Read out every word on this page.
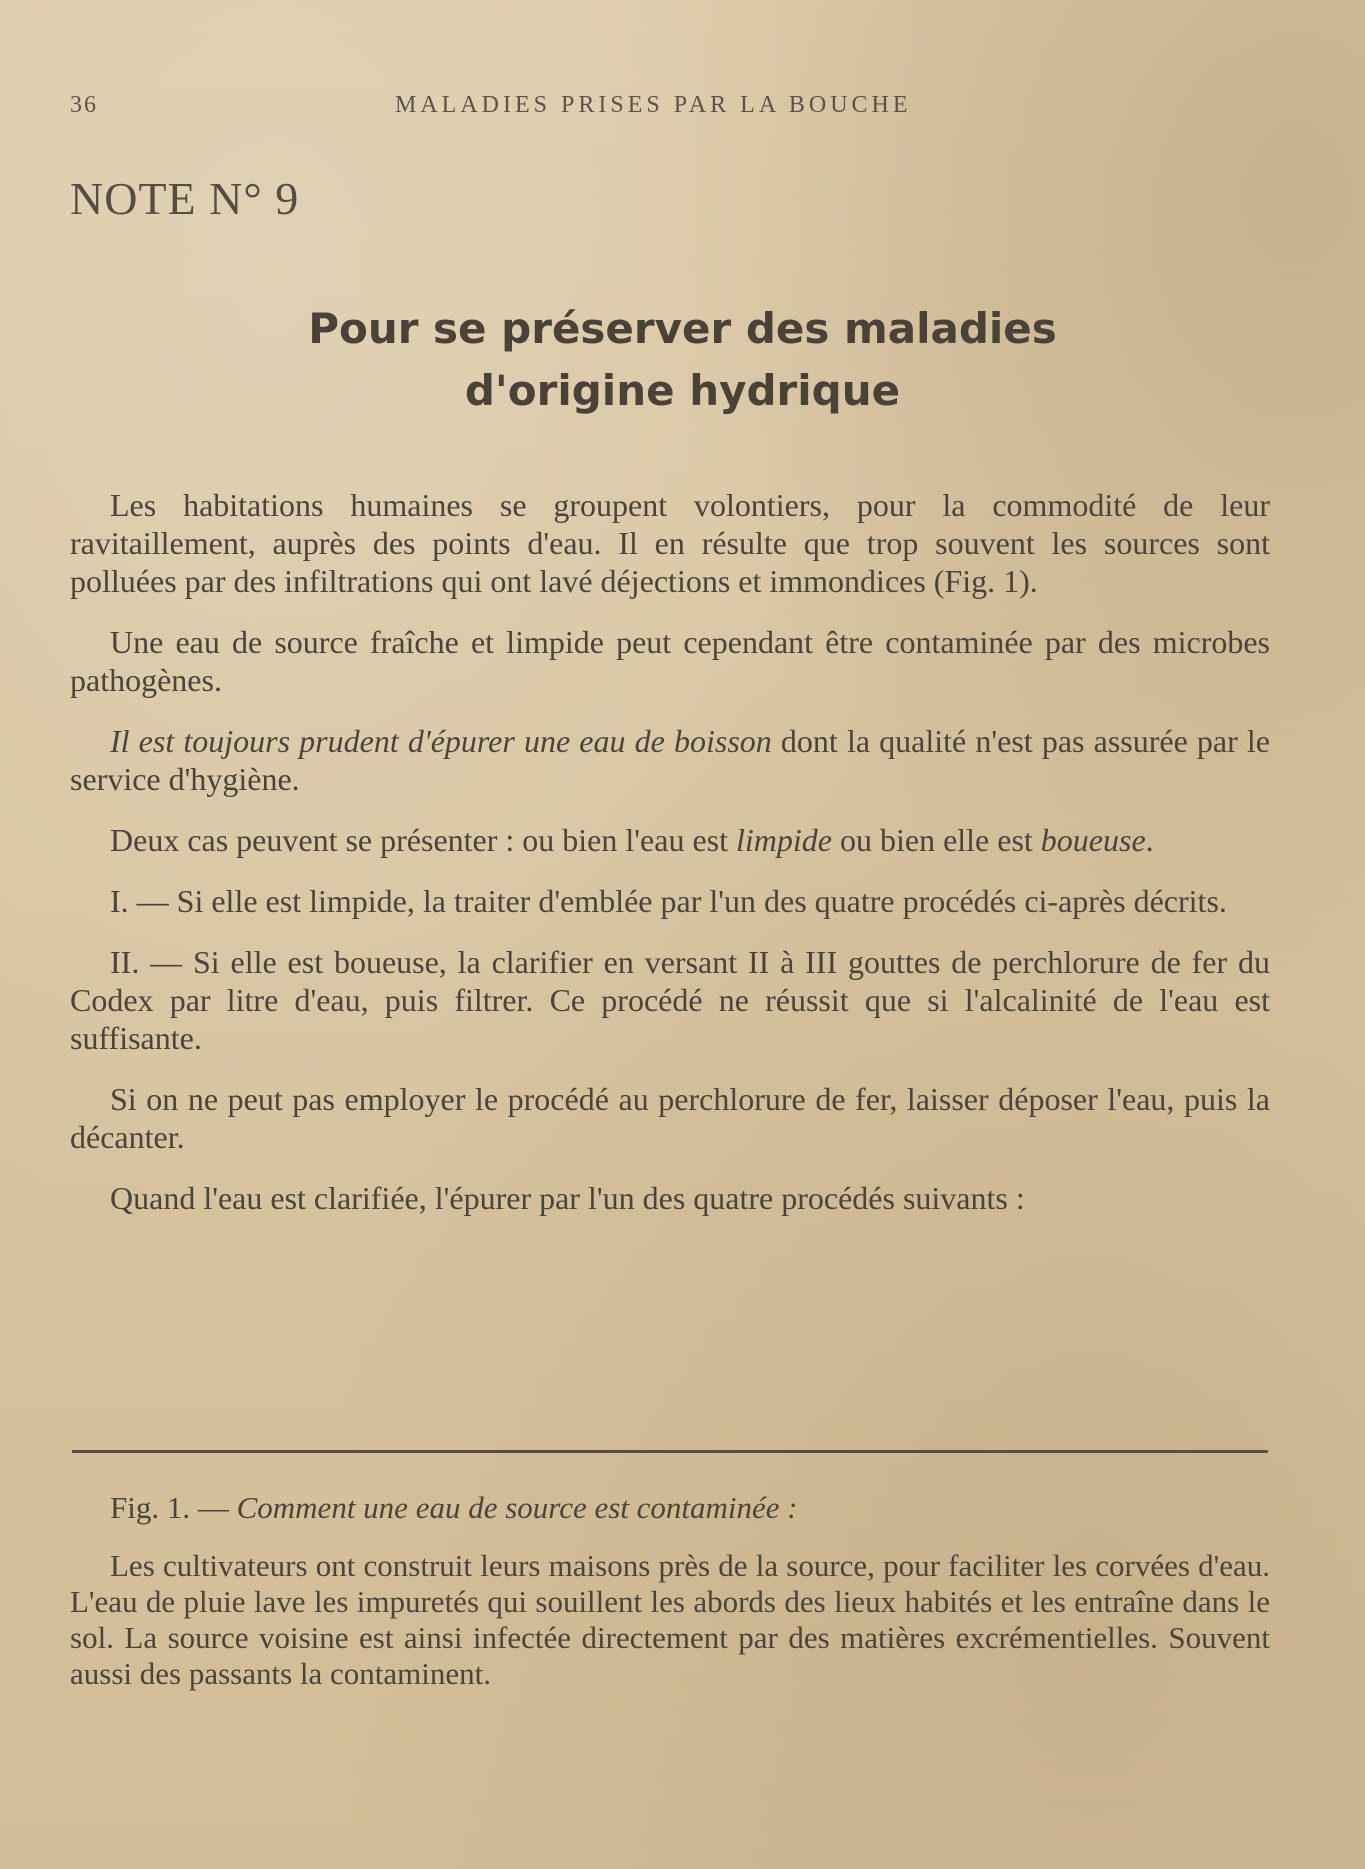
36	MALADIES PRISES PAR LA BOUCHE
NOTE N° 9
Pour se préserver des maladies
d'origine hydrique

Les habitations humaines se groupent volontiers, pour la commodité de leur ravitaillement, auprès des points d'eau. Il en résulte que trop souvent les sources sont polluées par des infiltrations qui ont lavé déjections et immondices (Fig. 1).

Une eau de source fraîche et limpide peut cependant être contaminée par des microbes pathogènes.

Il est toujours prudent d'épurer une eau de boisson dont la qualité n'est pas assurée par le service d'hygiène.

Deux cas peuvent se présenter : ou bien l'eau est limpide ou bien elle est boueuse.

I. — Si elle est limpide, la traiter d'emblée par l'un des quatre procédés ci-après décrits.

II. — Si elle est boueuse, la clarifier en versant II à III gouttes de perchlorure de fer du Codex par litre d'eau, puis filtrer. Ce procédé ne réussit que si l'alcalinité de l'eau est suffisante.

Si on ne peut pas employer le procédé au perchlorure de fer, laisser déposer l'eau, puis la décanter.

Quand l'eau est clarifiée, l'épurer par l'un des quatre procédés suivants :

Fig. 1. — Comment une eau de source est contaminée :

Les cultivateurs ont construit leurs maisons près de la source, pour faciliter les corvées d'eau. L'eau de pluie lave les impuretés qui souillent les abords des lieux habités et les entraîne dans le sol. La source voisine est ainsi infectée directement par des matières excrémentielles. Souvent aussi des passants la contaminent.
